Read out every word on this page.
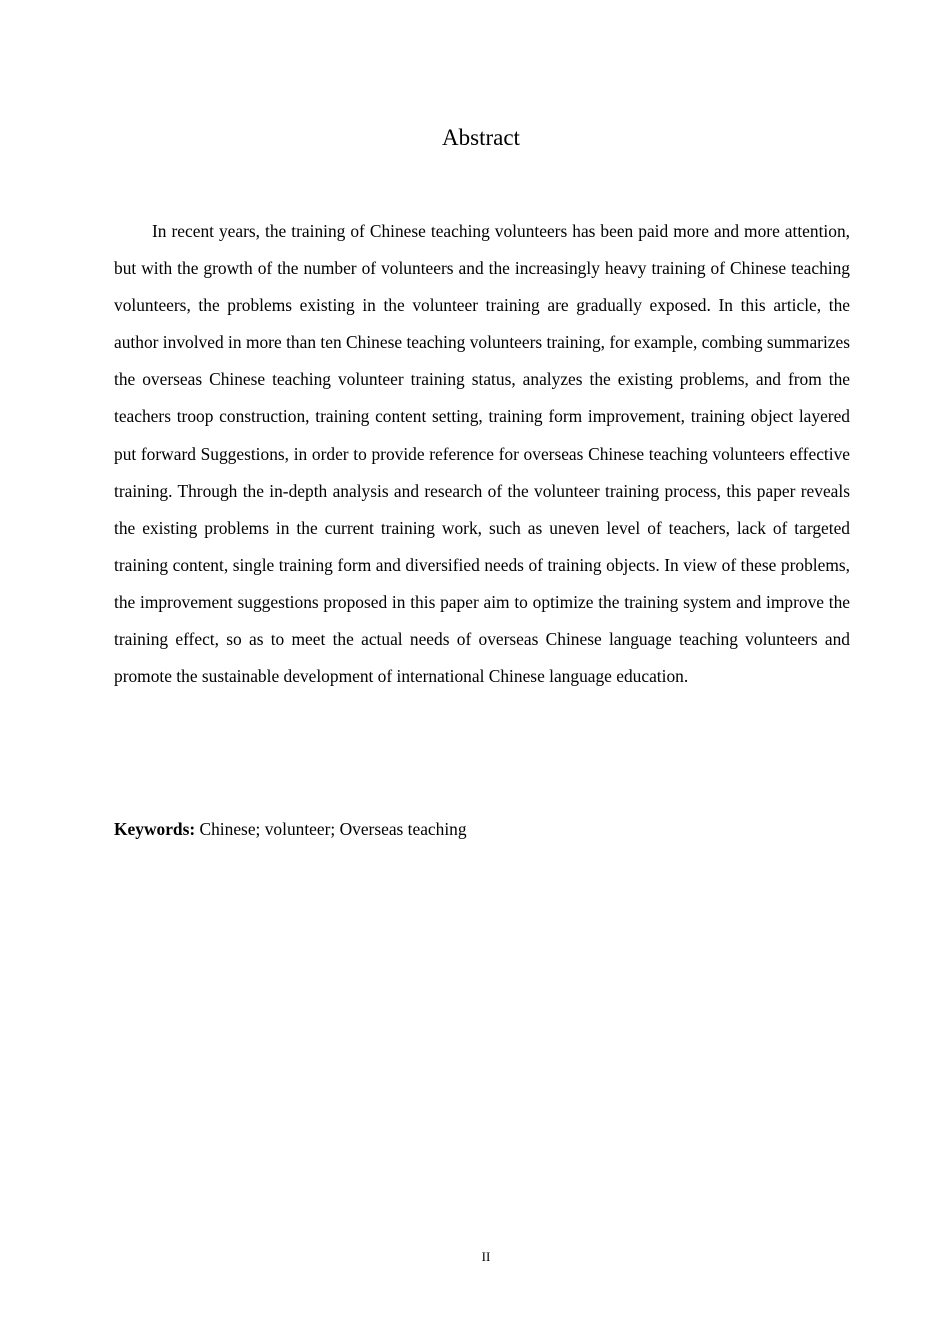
Abstract

In recent years, the training of Chinese teaching volunteers has been paid more and more attention, but with the growth of the number of volunteers and the increasingly heavy training of Chinese teaching volunteers, the problems existing in the volunteer training are gradually exposed. In this article, the author involved in more than ten Chinese teaching volunteers training, for example, combing summarizes the overseas Chinese teaching volunteer training status, analyzes the existing problems, and from the teachers troop construction, training content setting, training form improvement, training object layered put forward Suggestions, in order to provide reference for overseas Chinese teaching volunteers effective training. Through the in-depth analysis and research of the volunteer training process, this paper reveals the existing problems in the current training work, such as uneven level of teachers, lack of targeted training content, single training form and diversified needs of training objects. In view of these problems, the improvement suggestions proposed in this paper aim to optimize the training system and improve the training effect, so as to meet the actual needs of overseas Chinese language teaching volunteers and promote the sustainable development of international Chinese language education.

Keywords: Chinese; volunteer; Overseas teaching

II
